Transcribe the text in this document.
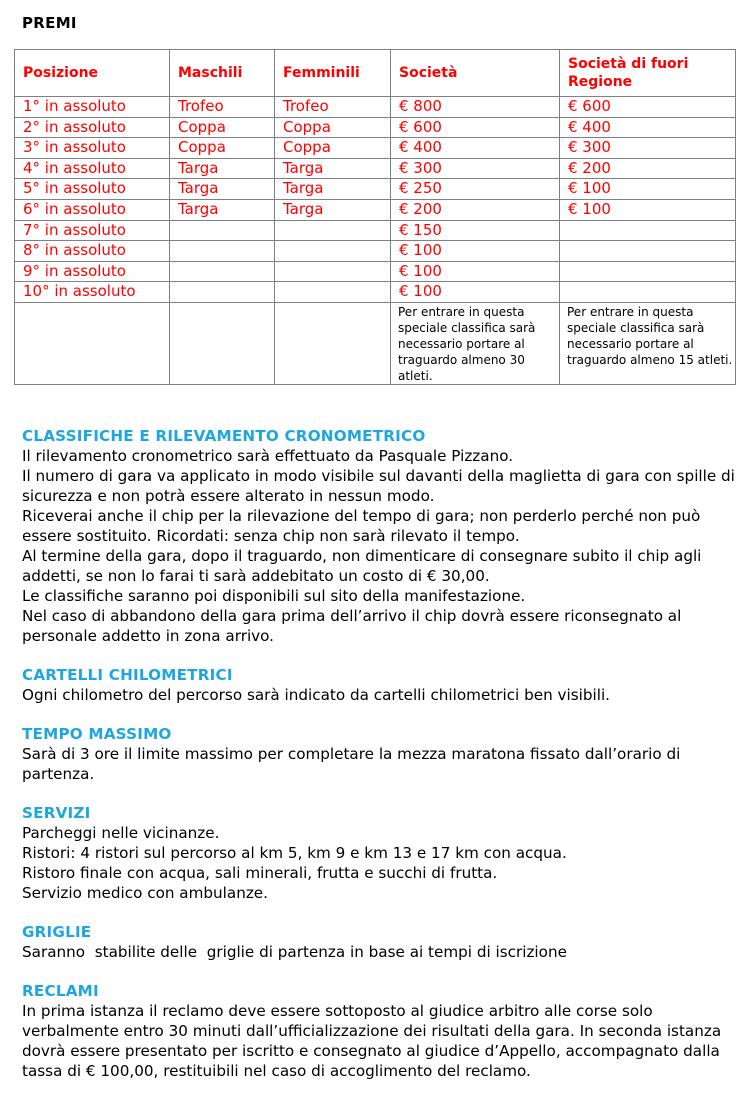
PREMI
Posizione	Maschili	Femminili	Società	Società di fuori Regione
1° in assoluto	Trofeo	Trofeo	€ 800	€ 600
2° in assoluto	Coppa	Coppa	€ 600	€ 400
3° in assoluto	Coppa	Coppa	€ 400	€ 300
4° in assoluto	Targa	Targa	€ 300	€ 200
5° in assoluto	Targa	Targa	€ 250	€ 100
6° in assoluto	Targa	Targa	€ 200	€ 100
7° in assoluto			€ 150	
8° in assoluto			€ 100	
9° in assoluto			€ 100	
10° in assoluto			€ 100	
			Per entrare in questa speciale classifica sarà necessario portare al traguardo almeno 30 atleti.	Per entrare in questa speciale classifica sarà necessario portare al traguardo almeno 15 atleti.
CLASSIFICHE E RILEVAMENTO CRONOMETRICO

Il rilevamento cronometrico sarà effettuato da Pasquale Pizzano.

Il numero di gara va applicato in modo visibile sul davanti della maglietta di gara con spille di sicurezza e non potrà essere alterato in nessun modo.

Riceverai anche il chip per la rilevazione del tempo di gara; non perderlo perché non può essere sostituito. Ricordati: senza chip non sarà rilevato il tempo.

Al termine della gara, dopo il traguardo, non dimenticare di consegnare subito il chip agli addetti, se non lo farai ti sarà addebitato un costo di € 30,00.

Le classifiche saranno poi disponibili sul sito della manifestazione.

Nel caso di abbandono della gara prima dell’arrivo il chip dovrà essere riconsegnato al personale addetto in zona arrivo.

CARTELLI CHILOMETRICI

Ogni chilometro del percorso sarà indicato da cartelli chilometrici ben visibili.

TEMPO MASSIMO

Sarà di 3 ore il limite massimo per completare la mezza maratona fissato dall’orario di partenza.

SERVIZI

Parcheggi nelle vicinanze.

Ristori: 4 ristori sul percorso al km 5, km 9 e km 13 e 17 km con acqua.

Ristoro finale con acqua, sali minerali, frutta e succhi di frutta.

Servizio medico con ambulanze.

GRIGLIE

Saranno  stabilite delle  griglie di partenza in base ai tempi di iscrizione

RECLAMI

In prima istanza il reclamo deve essere sottoposto al giudice arbitro alle corse solo verbalmente entro 30 minuti dall’ufficializzazione dei risultati della gara. In seconda istanza dovrà essere presentato per iscritto e consegnato al giudice d’Appello, accompagnato dalla tassa di € 100,00, restituibili nel caso di accoglimento del reclamo.
